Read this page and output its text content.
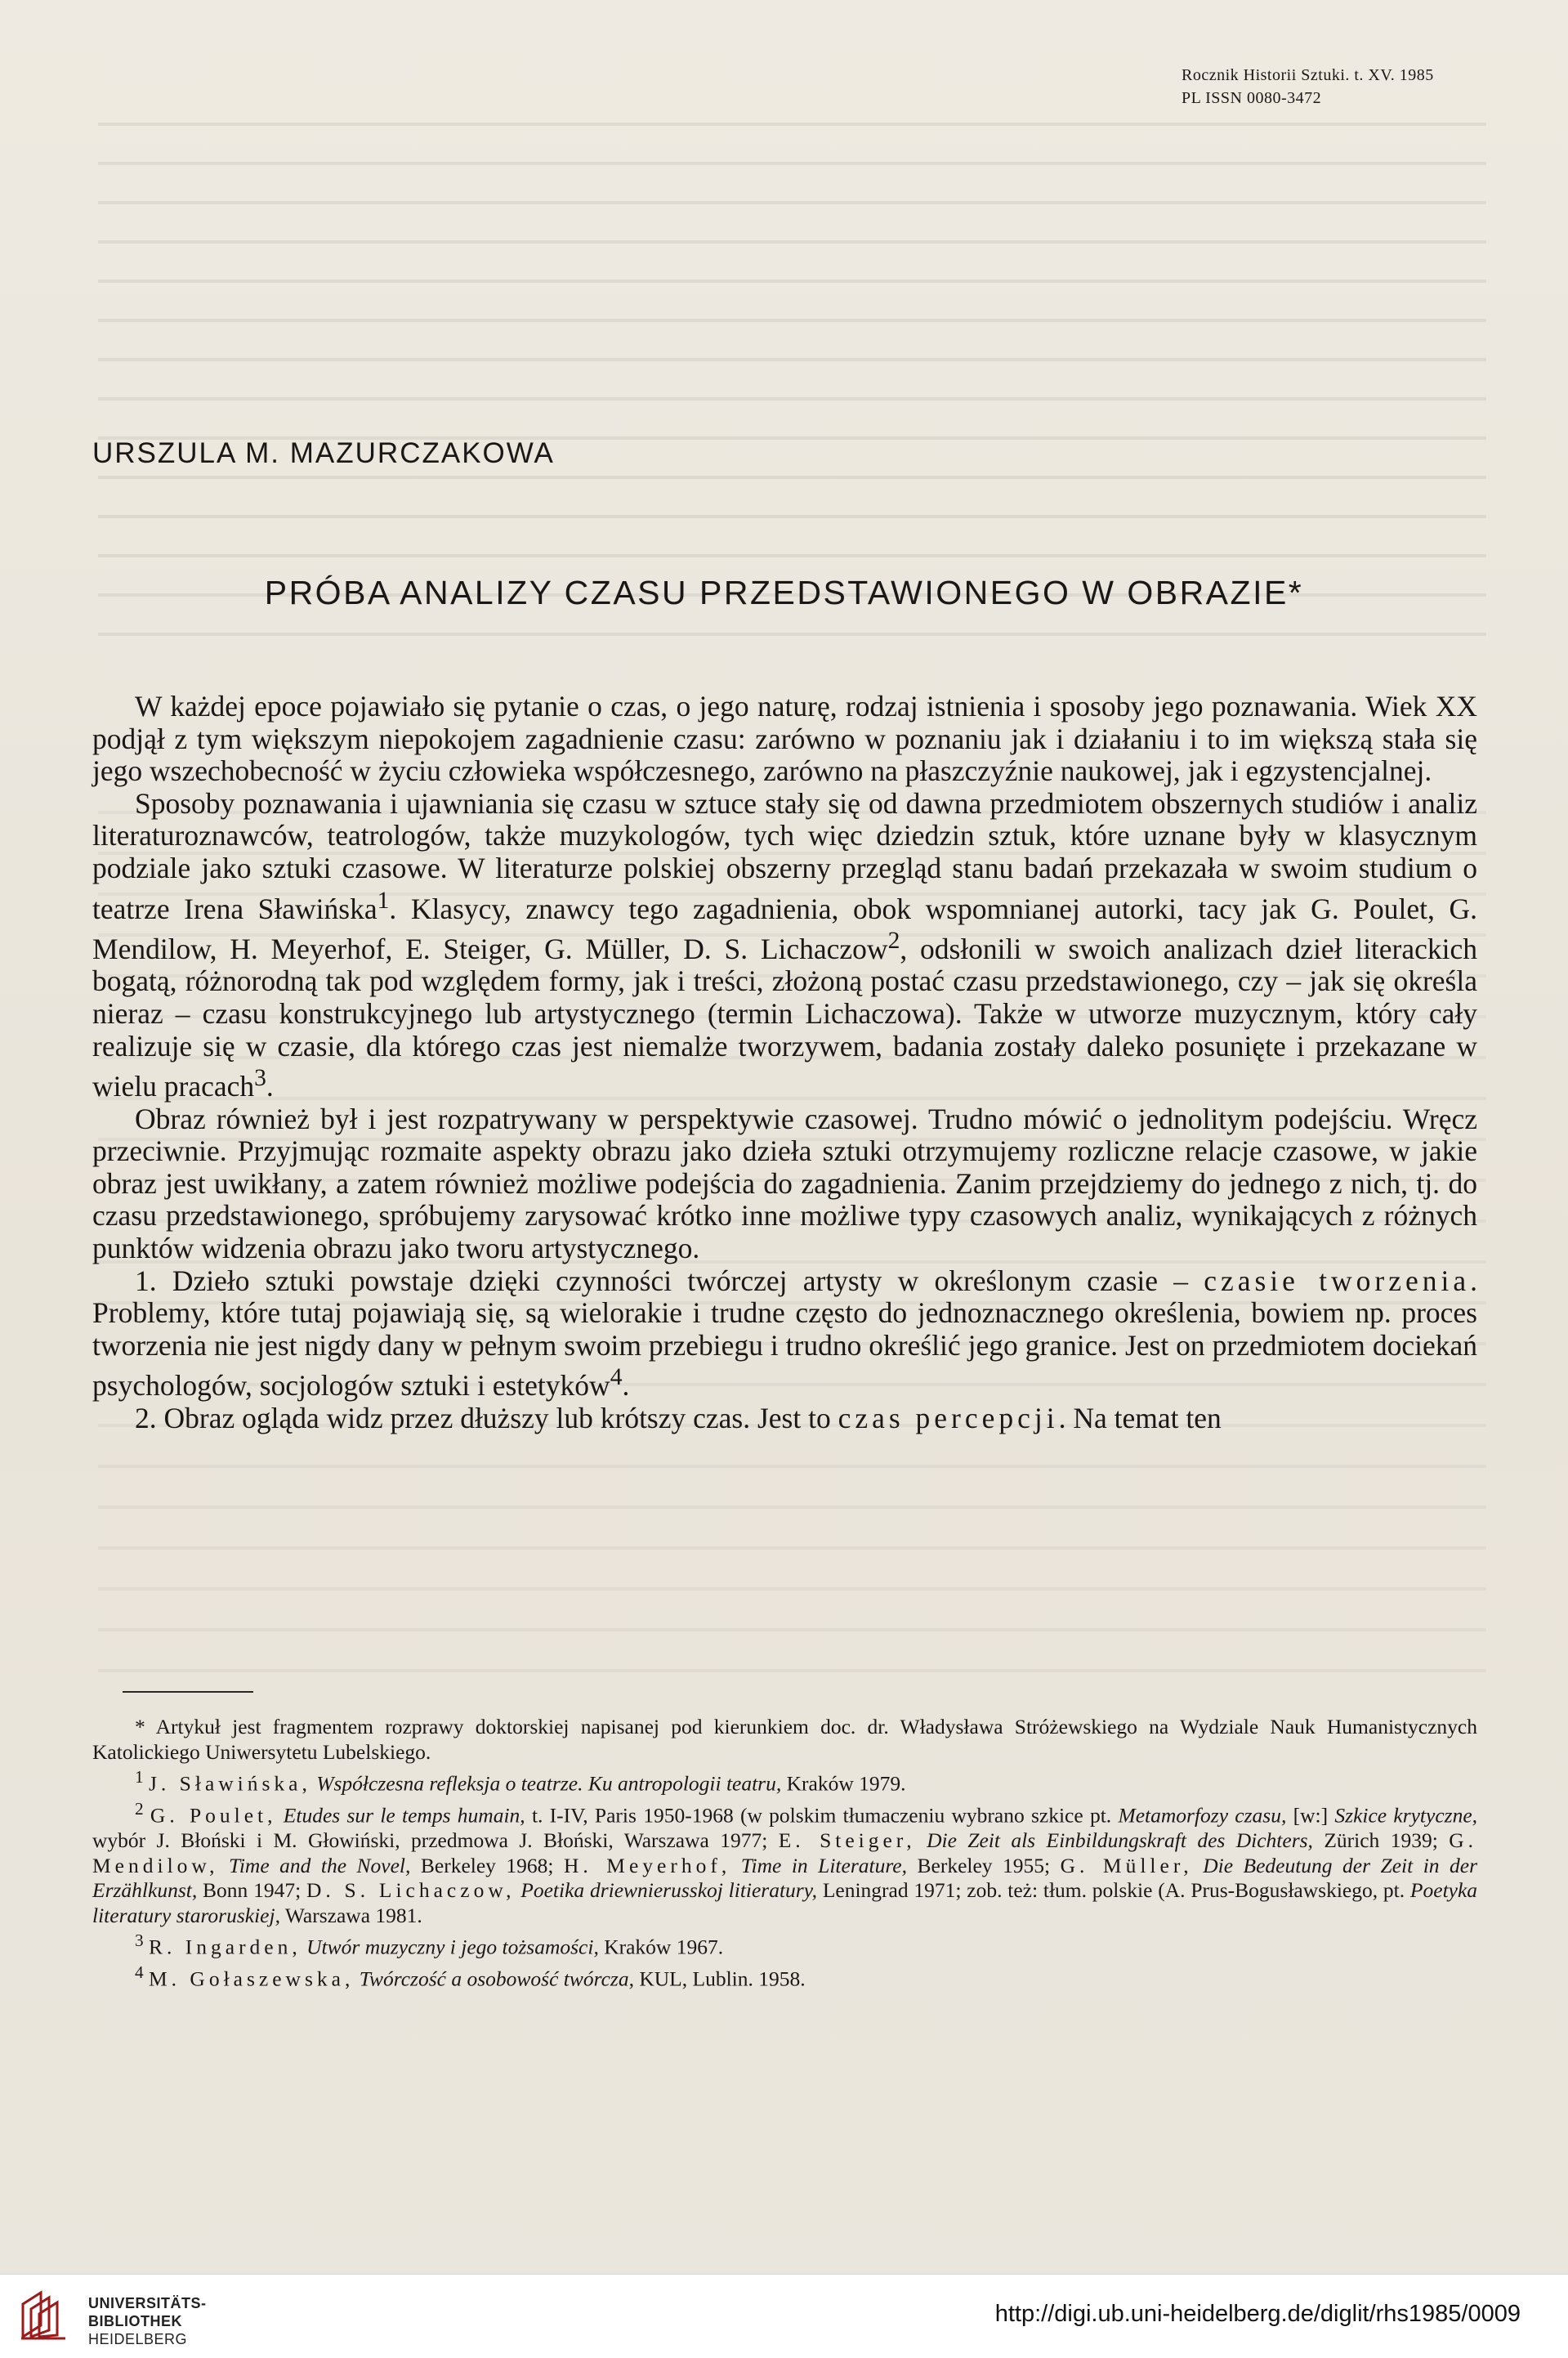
Rocznik Historii Sztuki. t. XV. 1985
PL ISSN 0080-3472
URSZULA M. MAZURCZAKOWA
PRÓBA ANALIZY CZASU PRZEDSTAWIONEGO W OBRAZIE*

W każdej epoce pojawiało się pytanie o czas, o jego naturę, rodzaj istnienia i sposoby jego poznawania. Wiek XX podjął z tym większym niepokojem zagadnienie czasu: zarówno w poznaniu jak i działaniu i to im większą stała się jego wszechobecność w życiu człowieka współczesnego, zarówno na płaszczyźnie naukowej, jak i egzystencjalnej.

Sposoby poznawania i ujawniania się czasu w sztuce stały się od dawna przedmiotem obszernych studiów i analiz literaturoznawców, teatrologów, także muzykologów, tych więc dziedzin sztuk, które uznane były w klasycznym podziale jako sztuki czasowe. W literaturze polskiej obszerny przegląd stanu badań przekazała w swoim studium o teatrze Irena Sławińska$^1$. Klasycy, znawcy tego zagadnienia, obok wspomnianej autorki, tacy jak G. Poulet, G. Mendilow, H. Meyerhof, E. Steiger, G. Müller, D. S. Lichaczow$^2$, odsłonili w swoich analizach dzieł literackich bogatą, różnorodną tak pod względem formy, jak i treści, złożoną postać czasu przedstawionego, czy – jak się określa nieraz – czasu konstrukcyjnego lub artystycznego (termin Lichaczowa). Także w utworze muzycznym, który cały realizuje się w czasie, dla którego czas jest niemalże tworzywem, badania zostały daleko posunięte i przekazane w wielu pracach$^3$.

Obraz również był i jest rozpatrywany w perspektywie czasowej. Trudno mówić o jednolitym podejściu. Wręcz przeciwnie. Przyjmując rozmaite aspekty obrazu jako dzieła sztuki otrzymujemy rozliczne relacje czasowe, w jakie obraz jest uwikłany, a zatem również możliwe podejścia do zagadnienia. Zanim przejdziemy do jednego z nich, tj. do czasu przedstawionego, spróbujemy zarysować krótko inne możliwe typy czasowych analiz, wynikających z różnych punktów widzenia obrazu jako tworu artystycznego.

1. Dzieło sztuki powstaje dzięki czynności twórczej artysty w określonym czasie – czasie tworzenia. Problemy, które tutaj pojawiają się, są wielorakie i trudne często do jednoznacznego określenia, bowiem np. proces tworzenia nie jest nigdy dany w pełnym swoim przebiegu i trudno określić jego granice. Jest on przedmiotem dociekań psychologów, socjologów sztuki i estetyków$^4$.

2. Obraz ogląda widz przez dłuższy lub krótszy czas. Jest to czas percepcji. Na temat ten

* Artykuł jest fragmentem rozprawy doktorskiej napisanej pod kierunkiem doc. dr. Władysława Stróżewskiego na Wydziale Nauk Humanistycznych Katolickiego Uniwersytetu Lubelskiego.

$^1$ J. Sławińska, Współczesna refleksja o teatrze. Ku antropologii teatru, Kraków 1979.

$^2$ G. Poulet, Etudes sur le temps humain, t. I-IV, Paris 1950-1968 (w polskim tłumaczeniu wybrano szkice pt. Metamorfozy czasu, [w:] Szkice krytyczne, wybór J. Błoński i M. Głowiński, przedmowa J. Błoński, Warszawa 1977; E. Steiger, Die Zeit als Einbildungskraft des Dichters, Zürich 1939; G. Mendilow, Time and the Novel, Berkeley 1968; H. Meyerhof, Time in Literature, Berkeley 1955; G. Müller, Die Bedeutung der Zeit in der Erzählkunst, Bonn 1947; D. S. Lichaczow, Poetika driewnierusskoj litieratury, Leningrad 1971; zob. też: tłum. polskie (A. Prus-Bogusławskiego, pt. Poetyka literatury staroruskiej, Warszawa 1981.

$^3$ R. Ingarden, Utwór muzyczny i jego tożsamości, Kraków 1967.

$^4$ M. Gołaszewska, Twórczość a osobowość twórcza, KUL, Lublin. 1958.

UNIVERSITÄTS-
BIBLIOTHEK
HEIDELBERG
http://digi.ub.uni-heidelberg.de/diglit/rhs1985/0009
